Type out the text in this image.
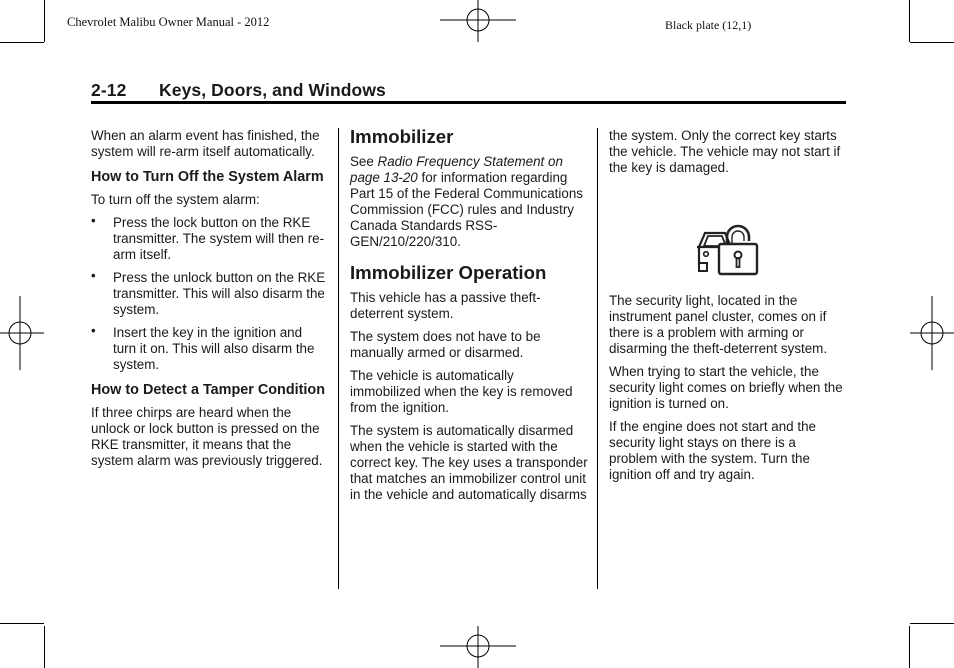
Chevrolet Malibu Owner Manual - 2012	Black plate (12,1)
2-12 Keys, Doors, and Windows

When an alarm event has finished, the system will re-arm itself automatically.

How to Turn Off the System Alarm

To turn off the system alarm:

• Press the lock button on the RKE transmitter. The system will then re-arm itself.
• Press the unlock button on the RKE transmitter. This will also disarm the system.
• Insert the key in the ignition and turn it on. This will also disarm the system.
How to Detect a Tamper Condition

If three chirps are heard when the unlock or lock button is pressed on the RKE transmitter, it means that the system alarm was previously triggered.

Immobilizer

See Radio Frequency Statement on page 13-20 for information regarding Part 15 of the Federal Communications Commission (FCC) rules and Industry Canada Standards RSS-GEN/210/220/310.

Immobilizer Operation

This vehicle has a passive theft-deterrent system.

The system does not have to be manually armed or disarmed.

The vehicle is automatically immobilized when the key is removed from the ignition.

The system is automatically disarmed when the vehicle is started with the correct key. The key uses a transponder that matches an immobilizer control unit in the vehicle and automatically disarms

the system. Only the correct key starts the vehicle. The vehicle may not start if the key is damaged.

The security light, located in the instrument panel cluster, comes on if there is a problem with arming or disarming the theft-deterrent system.

When trying to start the vehicle, the security light comes on briefly when the ignition is turned on.

If the engine does not start and the security light stays on there is a problem with the system. Turn the ignition off and try again.
